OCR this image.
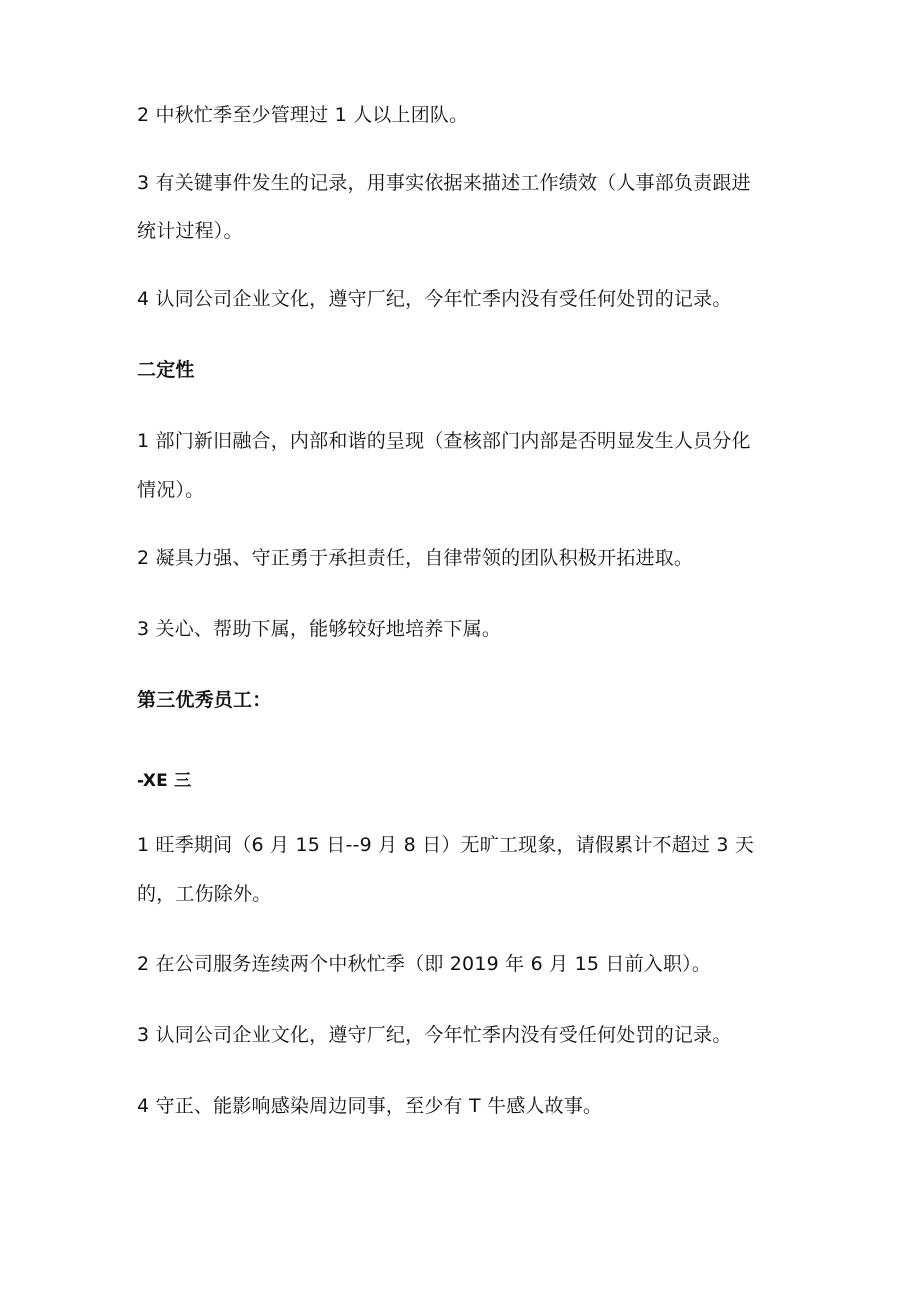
2 中秋忙季至少管理过 1 人以上团队。
3 有关键事件发生的记录，用事实依据来描述工作绩效（人事部负责跟进
统计过程）。
4 认同公司企业文化，遵守厂纪，今年忙季内没有受任何处罚的记录。
二定性
1 部门新旧融合，内部和谐的呈现（查核部门内部是否明显发生人员分化
情况）。
2 凝具力强、守正勇于承担责任，自律带领的团队积极开拓进取。
3 关心、帮助下属，能够较好地培养下属。
第三优秀员工：
-XE 三
1 旺季期间（6 月 15 日--9 月 8 日）无旷工现象，请假累计不超过 3 天
的，工伤除外。
2 在公司服务连续两个中秋忙季（即 2019 年 6 月 15 日前入职）。
3 认同公司企业文化，遵守厂纪，今年忙季内没有受任何处罚的记录。
4 守正、能影响感染周边同事，至少有 T 牛感人故事。
